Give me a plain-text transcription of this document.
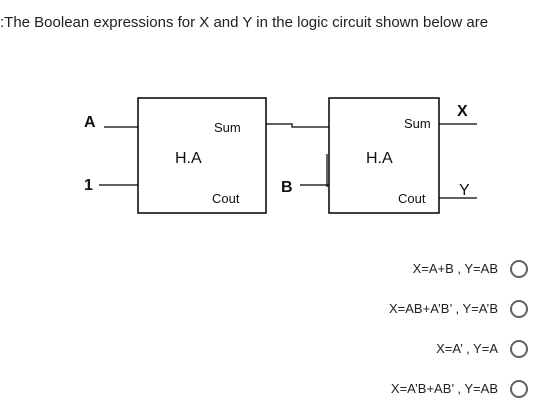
:The Boolean expressions for X and Y in the logic circuit shown below are
H.A
Sum
Cout
H.A
Sum
Cout
A
1	B
X
Y
X=A+B , Y=AB
X=AB+A’B’ , Y=A’B
X=A’ , Y=A
X=A’B+AB’ , Y=AB
